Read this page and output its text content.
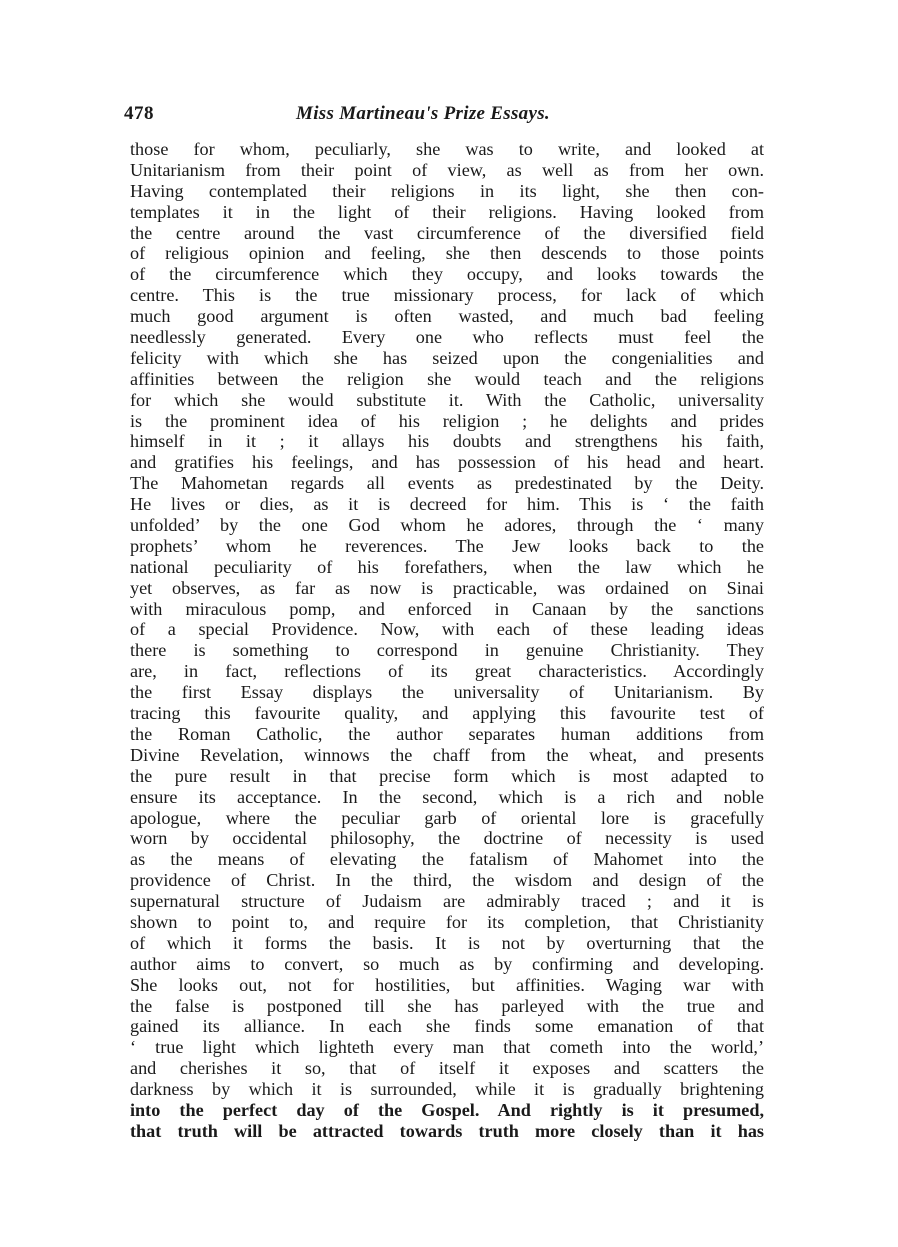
478	Miss Martineau's Prize Essays.
those for whom, peculiarly, she was to write, and looked at
Unitarianism from their point of view, as well as from her own.
Having contemplated their religions in its light, she then con-
templates it in the light of their religions. Having looked from
the centre around the vast circumference of the diversified field
of religious opinion and feeling, she then descends to those points
of the circumference which they occupy, and looks towards the
centre. This is the true missionary process, for lack of which
much good argument is often wasted, and much bad feeling
needlessly generated. Every one who reflects must feel the
felicity with which she has seized upon the congenialities and
affinities between the religion she would teach and the religions
for which she would substitute it. With the Catholic, universality
is the prominent idea of his religion ; he delights and prides
himself in it ; it allays his doubts and strengthens his faith,
and gratifies his feelings, and has possession of his head and heart.
The Mahometan regards all events as predestinated by the Deity.
He lives or dies, as it is decreed for him. This is ‘ the faith
unfolded’ by the one God whom he adores, through the ‘ many
prophets’ whom he reverences. The Jew looks back to the
national peculiarity of his forefathers, when the law which he
yet observes, as far as now is practicable, was ordained on Sinai
with miraculous pomp, and enforced in Canaan by the sanctions
of a special Providence. Now, with each of these leading ideas
there is something to correspond in genuine Christianity. They
are, in fact, reflections of its great characteristics. Accordingly
the first Essay displays the universality of Unitarianism. By
tracing this favourite quality, and applying this favourite test of
the Roman Catholic, the author separates human additions from
Divine Revelation, winnows the chaff from the wheat, and presents
the pure result in that precise form which is most adapted to
ensure its acceptance. In the second, which is a rich and noble
apologue, where the peculiar garb of oriental lore is gracefully
worn by occidental philosophy, the doctrine of necessity is used
as the means of elevating the fatalism of Mahomet into the
providence of Christ. In the third, the wisdom and design of the
supernatural structure of Judaism are admirably traced ; and it is
shown to point to, and require for its completion, that Christianity
of which it forms the basis. It is not by overturning that the
author aims to convert, so much as by confirming and developing.
She looks out, not for hostilities, but affinities. Waging war with
the false is postponed till she has parleyed with the true and
gained its alliance. In each she finds some emanation of that
‘ true light which lighteth every man that cometh into the world,’
and cherishes it so, that of itself it exposes and scatters the
darkness by which it is surrounded, while it is gradually brightening
into the perfect day of the Gospel. And rightly is it presumed,
that truth will be attracted towards truth more closely than it has
